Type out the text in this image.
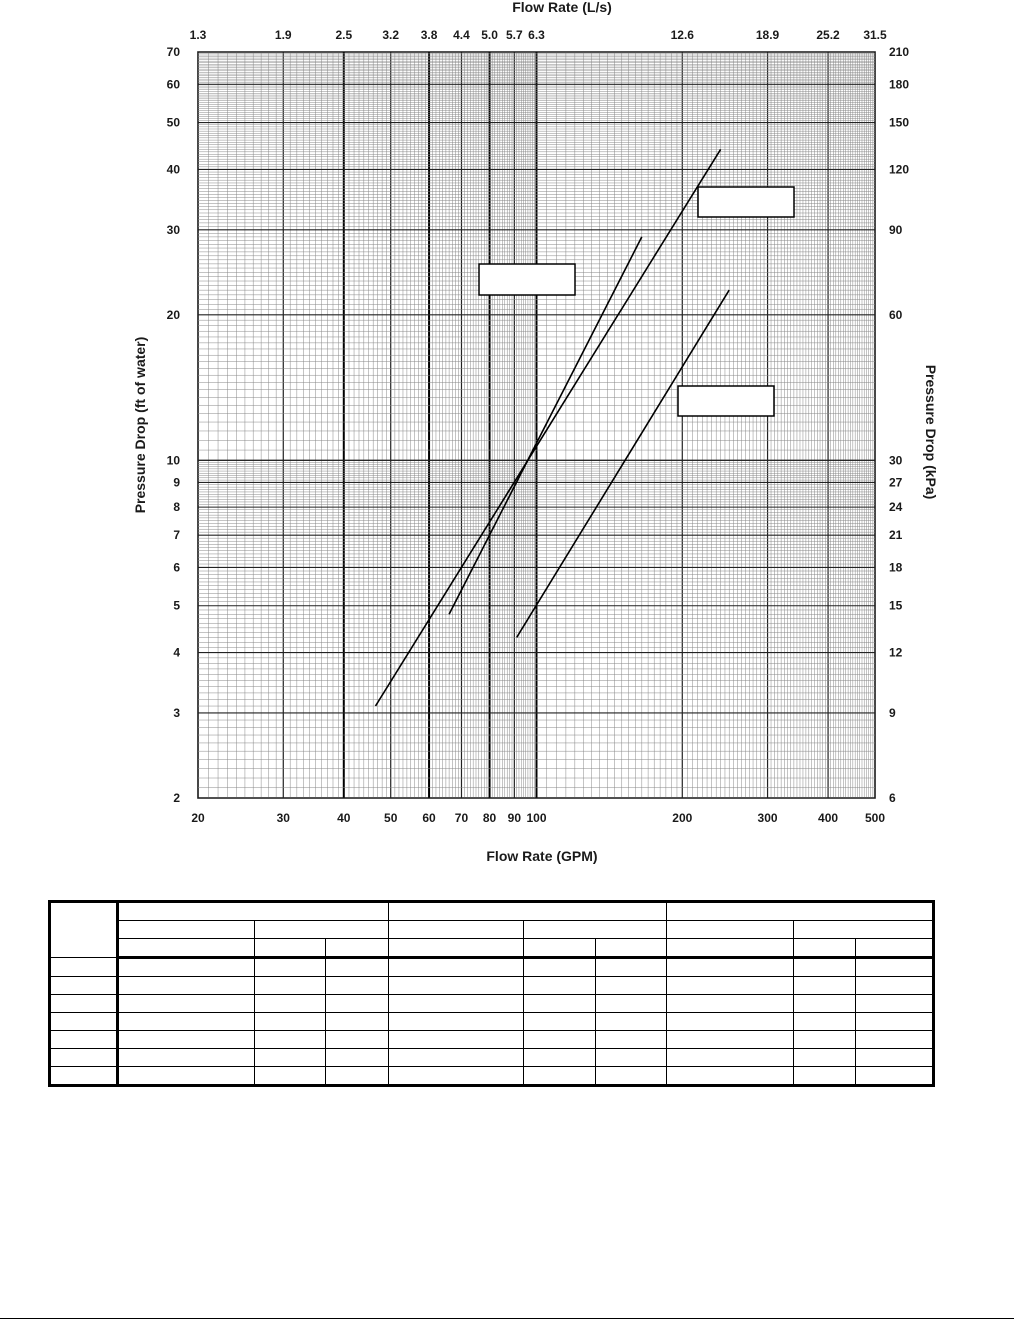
20	30	40	50 60 70 80 90 100	200	300	400 500
1.3	1.9	2.5	3.2 3.8 4.4 5.0 5.7 6.3	12.6	18.9	25.2 31.5
2
3
4
5
6
7
8
9
10
20
30
40
50
60
70
6
9
12
15
18
21
24
27
30
60
90
120
150
180
210
Flow Rate (L/s)
Flow Rate (GPM)
Pressure Drop (ft of water)	Pressure Drop (kPa)
